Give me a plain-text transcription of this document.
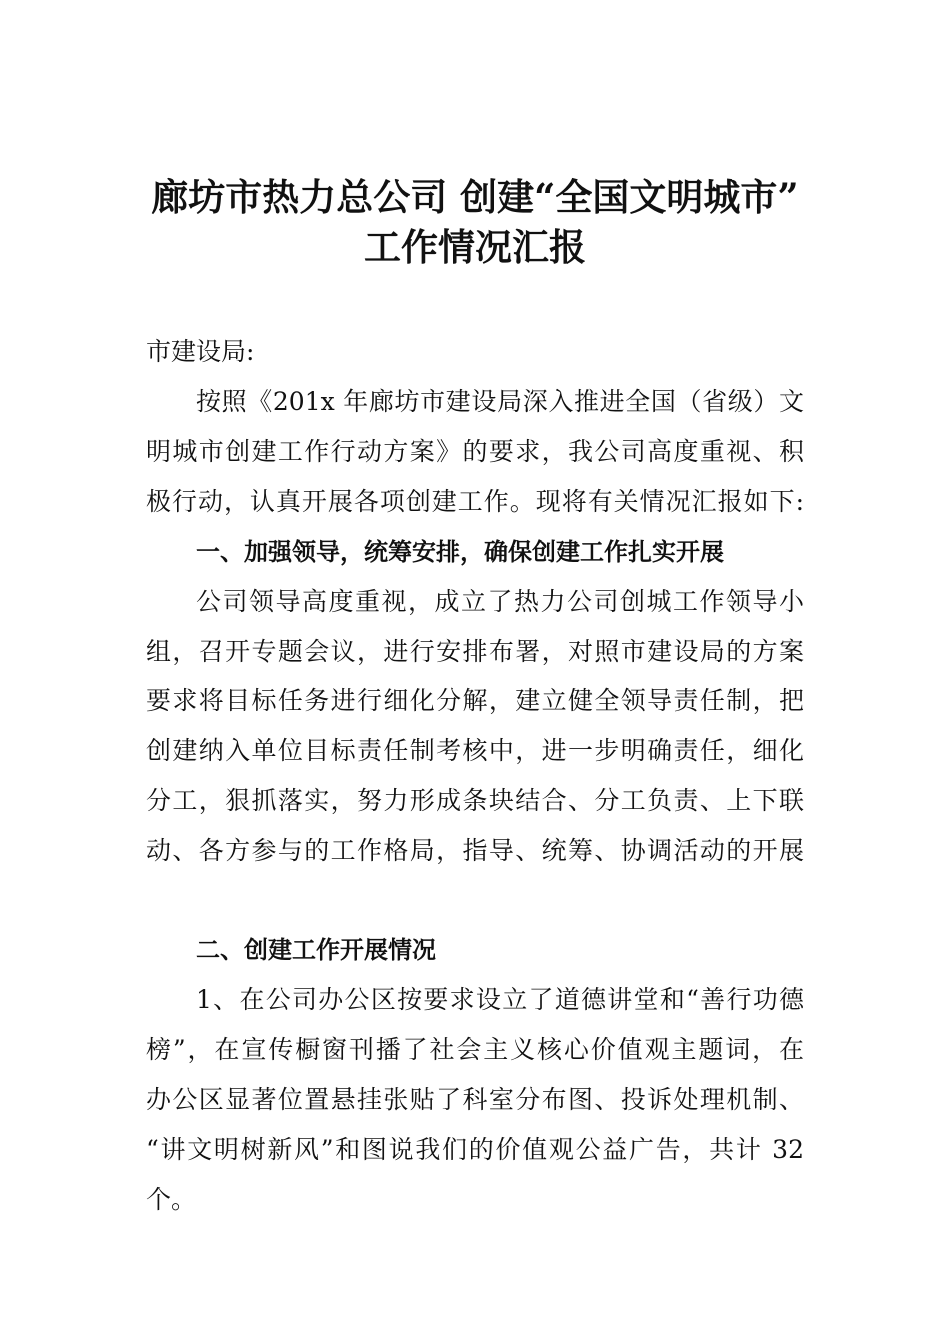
廊坊市热力总公司 创建“全国文明城市”
工作情况汇报
市建设局:
按照《201x 年廊坊市建设局深入推进全国（省级）文
明城市创建工作行动方案》的要求，我公司高度重视、积
极行动，认真开展各项创建工作。现将有关情况汇报如下:
一、加强领导，统筹安排，确保创建工作扎实开展
公司领导高度重视，成立了热力公司创城工作领导小
组，召开专题会议，进行安排布署，对照市建设局的方案
要求将目标任务进行细化分解，建立健全领导责任制，把
创建纳入单位目标责任制考核中，进一步明确责任，细化
分工，狠抓落实，努力形成条块结合、分工负责、上下联
动、各方参与的工作格局，指导、统筹、协调活动的开展
二、创建工作开展情况
1、在公司办公区按要求设立了道德讲堂和“善行功德
榜”，在宣传橱窗刊播了社会主义核心价值观主题词，在
办公区显著位置悬挂张贴了科室分布图、投诉处理机制、
“讲文明树新风”和图说我们的价值观公益广告，共计 32
个。
